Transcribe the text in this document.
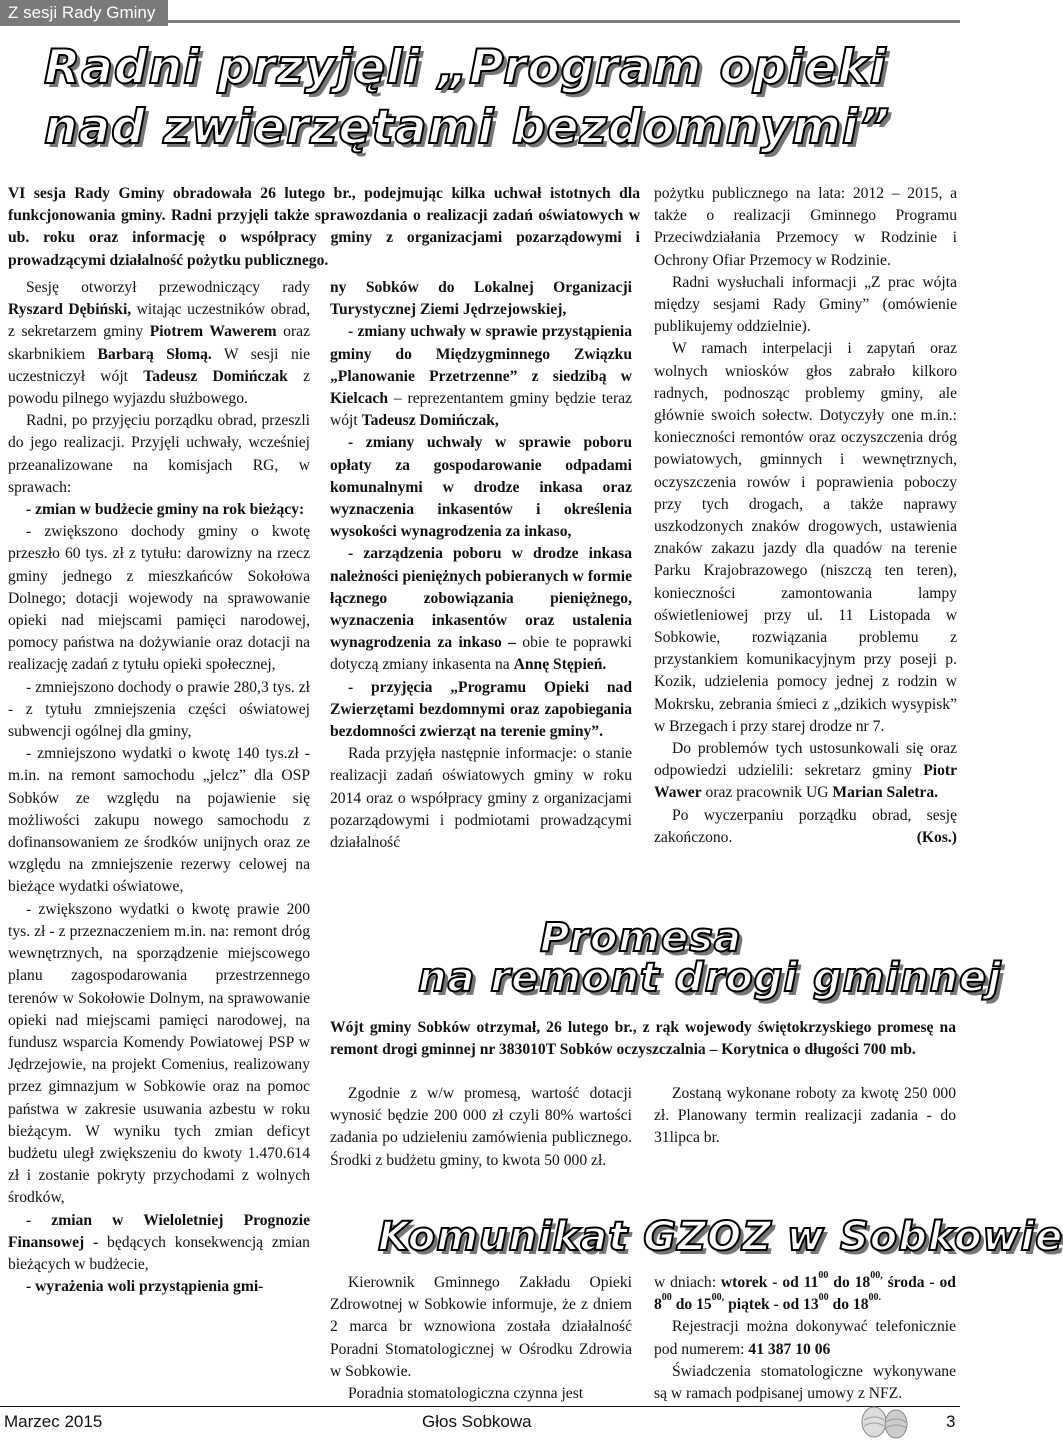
Z sesji Rady Gminy
Radni przyjęli „Program opieki
nad zwierzętami bezdomnymi”
VI sesja Rady Gminy obradowała 26 lutego br., podejmując kilka uchwał istotnych dla funkcjonowania gminy. Radni przyjęli także sprawozdania o realizacji zadań oświatowych w ub. roku oraz informację o współpracy gminy z organizacjami pozarządowymi i prowadzącymi działalność pożytku publicznego.

Sesję otworzył przewodniczący rady Ryszard Dębiński, witając uczestników obrad, z sekretarzem gminy Piotrem Wawerem oraz skarbnikiem Barbarą Słomą. W sesji nie uczestniczył wójt Tadeusz Domińczak z powodu pilnego wyjazdu służbowego.

Radni, po przyjęciu porządku obrad, przeszli do jego realizacji. Przyjęli uchwały, wcześniej przeanalizowane na komisjach RG, w sprawach:

- zmian w budżecie gminy na rok bieżący:

- zwiększono dochody gminy o kwotę przeszło 60 tys. zł z tytułu: darowizny na rzecz gminy jednego z mieszkańców Sokołowa Dolnego; dotacji wojewody na sprawowanie opieki nad miejscami pamięci narodowej, pomocy państwa na dożywianie oraz dotacji na realizację zadań z tytułu opieki społecznej,

- zmniejszono dochody o prawie 280,3 tys. zł - z tytułu zmniejszenia części oświatowej subwencji ogólnej dla gminy,

- zmniejszono wydatki o kwotę 140 tys.zł - m.in. na remont samochodu „jelcz” dla OSP Sobków ze względu na pojawienie się możliwości zakupu nowego samochodu z dofinansowaniem ze środków unijnych oraz ze względu na zmniejszenie rezerwy celowej na bieżące wydatki oświatowe,

- zwiększono wydatki o kwotę prawie 200 tys. zł - z przeznaczeniem m.in. na: remont dróg wewnętrznych, na sporządzenie miejscowego planu zagospodarowania przestrzennego terenów w Sokołowie Dolnym, na sprawowanie opieki nad miejscami pamięci narodowej, na fundusz wsparcia Komendy Powiatowej PSP w Jędrzejowie, na projekt Comenius, realizowany przez gimnazjum w Sobkowie oraz na pomoc państwa w zakresie usuwania azbestu w roku bieżącym. W wyniku tych zmian deficyt budżetu uległ zwiększeniu do kwoty 1.470.614 zł i zostanie pokryty przychodami z wolnych środków,

- zmian w Wieloletniej Prognozie Finansowej - będących konsekwencją zmian bieżących w budżecie,

- wyrażenia woli przystąpienia gmi-

ny Sobków do Lokalnej Organizacji Turystycznej Ziemi Jędrzejowskiej,

- zmiany uchwały w sprawie przystąpienia gminy do Międzygminnego Związku „Planowanie Przetrzenne” z siedzibą w Kielcach – reprezentantem gminy będzie teraz wójt Tadeusz Domińczak,

- zmiany uchwały w sprawie poboru opłaty za gospodarowanie odpadami komunalnymi w drodze inkasa oraz wyznaczenia inkasentów i określenia wysokości wynagrodzenia za inkaso,

- zarządzenia poboru w drodze inkasa należności pieniężnych pobieranych w formie łącznego zobowiązania pieniężnego, wyznaczenia inkasentów oraz ustalenia wynagrodzenia za inkaso – obie te poprawki dotyczą zmiany inkasenta na Annę Stępień.

- przyjęcia „Programu Opieki nad Zwierzętami bezdomnymi oraz zapobiegania bezdomności zwierząt na terenie gminy”.

Rada przyjęła następnie informacje: o stanie realizacji zadań oświatowych gminy w roku 2014 oraz o współpracy gminy z organizacjami pozarządowymi i podmiotami prowadzącymi działalność

pożytku publicznego na lata: 2012 – 2015, a także o realizacji Gminnego Programu Przeciwdziałania Przemocy w Rodzinie i Ochrony Ofiar Przemocy w Rodzinie.

Radni wysłuchali informacji „Z prac wójta między sesjami Rady Gminy” (omówienie publikujemy oddzielnie).

W ramach interpelacji i zapytań oraz wolnych wniosków głos zabrało kilkoro radnych, podnosząc problemy gminy, ale głównie swoich sołectw. Dotyczyły one m.in.: konieczności remontów oraz oczyszczenia dróg powiatowych, gminnych i wewnętrznych, oczyszczenia rowów i poprawienia poboczy przy tych drogach, a także naprawy uszkodzonych znaków drogowych, ustawienia znaków zakazu jazdy dla quadów na terenie Parku Krajobrazowego (niszczą ten teren), konieczności zamontowania lampy oświetleniowej przy ul. 11 Listopada w Sobkowie, rozwiązania problemu z przystankiem komunikacyjnym przy poseji p. Kozik, udzielenia pomocy jednej z rodzin w Mokrsku, zebrania śmieci z „dzikich wysypisk” w Brzegach i przy starej drodze nr 7.

Do problemów tych ustosunkowali się oraz odpowiedzi udzielili: sekretarz gminy Piotr Wawer oraz pracownik UG Marian Saletra.

Po wyczerpaniu porządku obrad, sesję zakończono.	(Kos.)

Promesa
na remont drogi gminnej
Wójt gminy Sobków otrzymał, 26 lutego br., z rąk wojewody świętokrzyskiego promesę na remont drogi gminnej nr 383010T Sobków oczyszczalnia – Korytnica o długości 700 mb.

Zgodnie z w/w promesą, wartość dotacji wynosić będzie 200 000 zł czyli 80% wartości zadania po udzieleniu zamówienia publicznego. Środki z budżetu gminy, to kwota 50 000 zł.

Zostaną wykonane roboty za kwotę 250 000 zł. Planowany termin realizacji zadania - do 31lipca br.

Komunikat GZOZ w Sobkowie

Kierownik Gminnego Zakładu Opieki Zdrowotnej w Sobkowie informuje, że z dniem 2 marca br wznowiona została działalność Poradni Stomatologicznej w Ośrodku Zdrowia w Sobkowie.

Poradnia stomatologiczna czynna jest

w dniach: wtorek - od $11^{00}$ do $18^{00,}$ środa - od $8^{00}$ do $15^{00,}$ piątek - od $13^{00}$ do $18^{00.}$

Rejestracji można dokonywać telefonicznie pod numerem: 41 387 10 06

Świadczenia stomatologiczne wykonywane są w ramach podpisanej umowy z NFZ.

Marzec 2015	Głos Sobkowa	3
